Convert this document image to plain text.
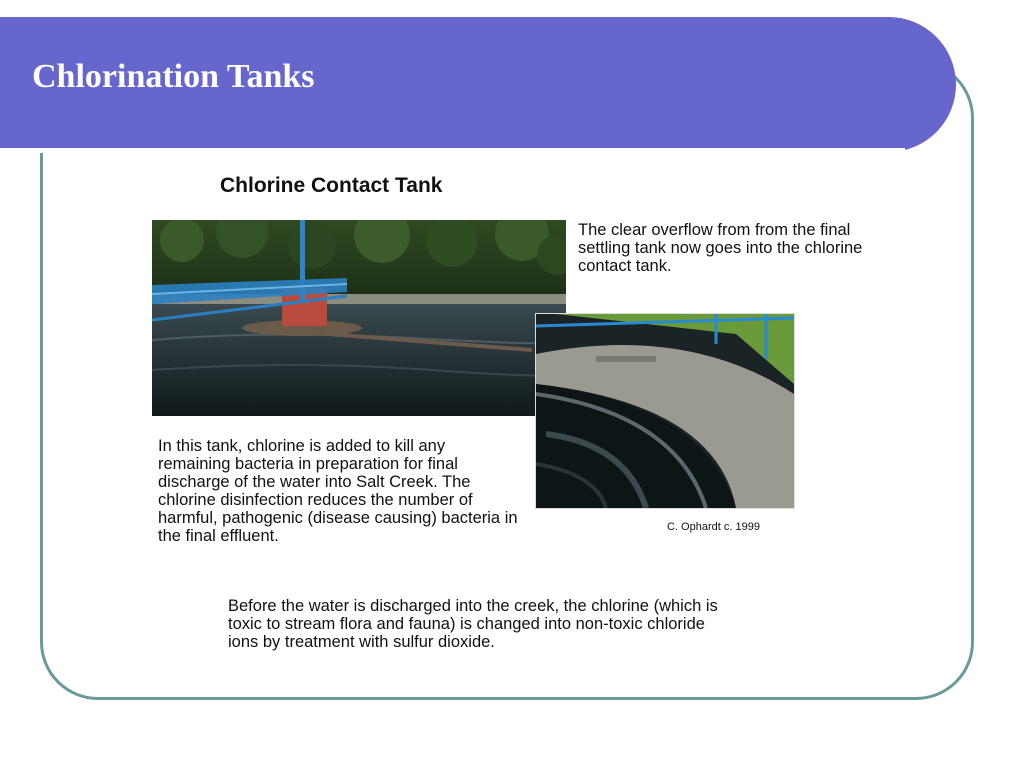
Chlorination Tanks
Chlorine Contact Tank

The clear overflow from from the final settling tank now goes into the chlorine contact tank.

In this tank, chlorine is added to kill any remaining bacteria in preparation for final discharge of the water into Salt Creek. The chlorine disinfection reduces the number of harmful, pathogenic (disease causing) bacteria in the final effluent.	C. Ophardt c. 1999

Before the water is discharged into the creek, the chlorine (which is toxic to stream flora and fauna) is changed into non-toxic chloride ions by treatment with sulfur dioxide.
